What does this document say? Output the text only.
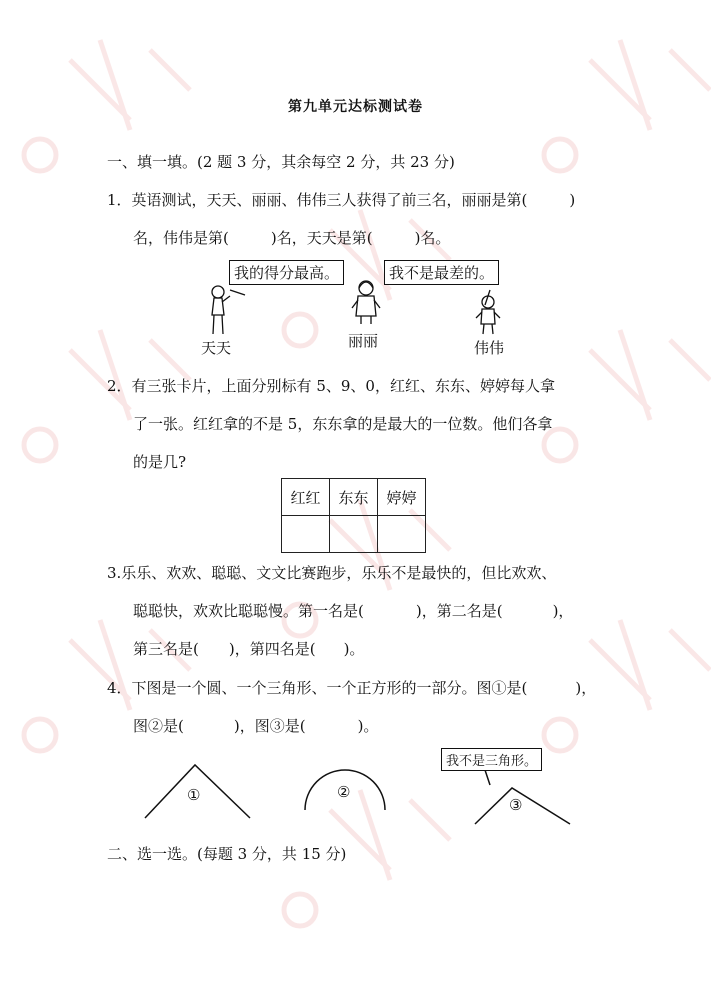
第九单元达标测试卷
一、填一填。(2 题 3 分，其余每空 2 分，共 23 分)
1．英语测试，天天、丽丽、伟伟三人获得了前三名，丽丽是第(	)
名，伟伟是第(	)名，天天是第(	)名。
我的得分最高。	我不是最差的。
天天	丽丽	伟伟
2．有三张卡片，上面分别标有 5、9、0，红红、东东、婷婷每人拿
了一张。红红拿的不是 5，东东拿的是最大的一位数。他们各拿
的是几?
红红	东东	婷婷

3.乐乐、欢欢、聪聪、文文比赛跑步，乐乐不是最快的，但比欢欢、
聪聪快，欢欢比聪聪慢。第一名是(	)，第二名是(	)，
第三名是( )，第四名是( )。
4．下图是一个圆、一个三角形、一个正方形的一部分。图①是(	)，
图②是(	)，图③是(	)。
①	②
③
我不是三角形。
二、选一选。(每题 3 分，共 15 分)
